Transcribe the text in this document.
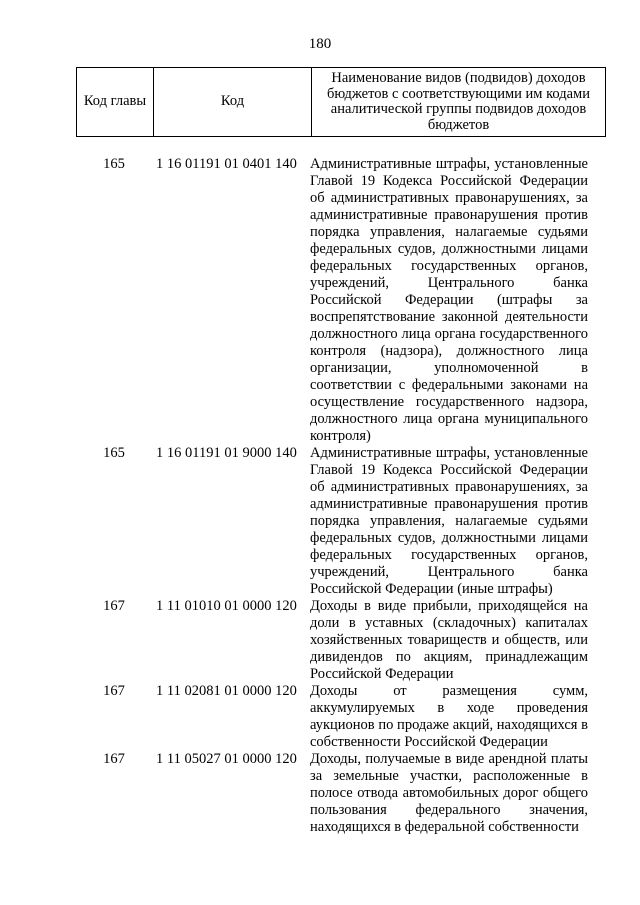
180
Код главы	Код	Наименование видов (подвидов) доходов бюджетов с соответствующими им кодами аналитической группы подвидов доходов бюджетов
165	1 16 01191 01 0401 140 Административные штрафы, установленные Главой 19 Кодекса Российской Федерации об административных правонарушениях, за административные правонарушения против порядка управления, налагаемые судьями федеральных судов, должностными лицами федеральных государственных органов, учреждений, Центрального банка Российской Федерации (штрафы за воспрепятствование законной деятельности должностного лица органа государственного контроля (надзора), должностного лица организации, уполномоченной в соответствии с федеральными законами на осуществление государственного надзора, должностного лица органа муниципального контроля)
165	1 16 01191 01 9000 140 Административные штрафы, установленные Главой 19 Кодекса Российской Федерации об административных правонарушениях, за административные правонарушения против порядка управления, налагаемые судьями федеральных судов, должностными лицами федеральных государственных органов, учреждений, Центрального банка Российской Федерации (иные штрафы)
167	1 11 01010 01 0000 120 Доходы в виде прибыли, приходящейся на доли в уставных (складочных) капиталах хозяйственных товариществ и обществ, или дивидендов по акциям, принадлежащим Российской Федерации
167	1 11 02081 01 0000 120 Доходы от размещения сумм, аккумулируемых в ходе проведения аукционов по продаже акций, находящихся в собственности Российской Федерации
167	1 11 05027 01 0000 120 Доходы, получаемые в виде арендной платы за земельные участки, расположенные в полосе отвода автомобильных дорог общего пользования федерального значения, находящихся в федеральной собственности
